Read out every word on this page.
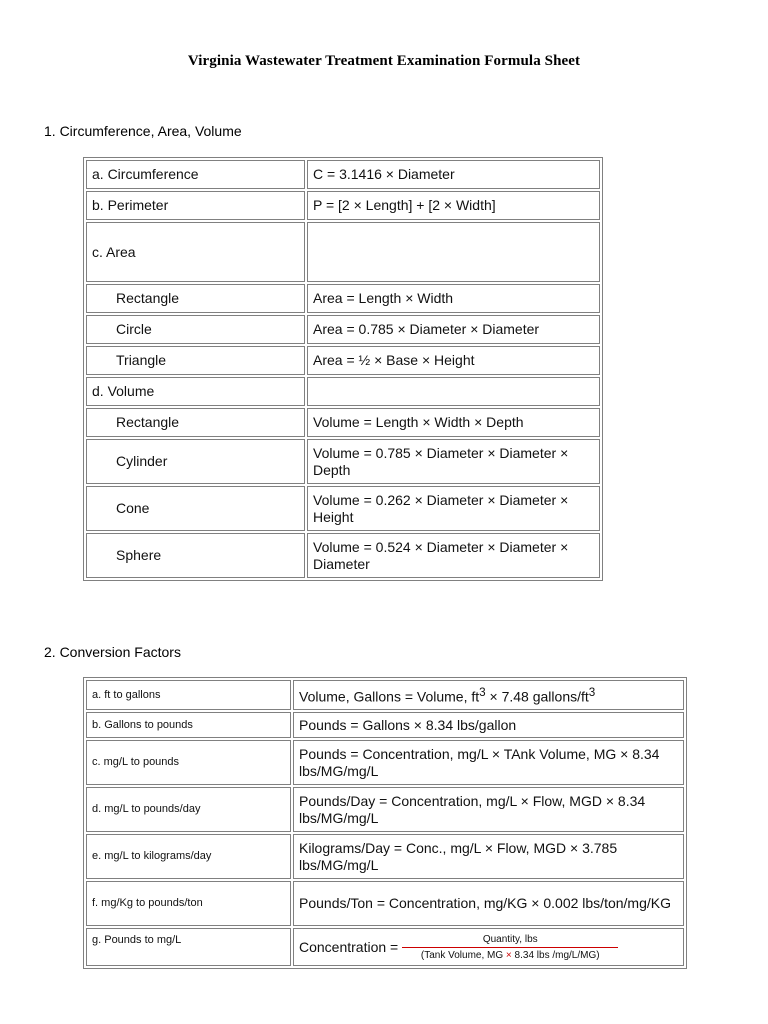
Virginia Wastewater Treatment Examination Formula Sheet
1. Circumference, Area, Volume
a. Circumference	C = 3.1416 × Diameter
b. Perimeter	P = [2 × Length] + [2 × Width]
c. Area	
Rectangle	Area = Length × Width
Circle	Area = 0.785 × Diameter × Diameter
Triangle	Area = ½ × Base × Height
d. Volume	
Rectangle	Volume = Length × Width × Depth
Cylinder	Volume = 0.785 × Diameter × Diameter × Depth
Cone	Volume = 0.262 × Diameter × Diameter × Height
Sphere	Volume = 0.524 × Diameter × Diameter × Diameter
2. Conversion Factors
a. ft to gallons	Volume, Gallons = Volume, $ft^3 \times 7.48$ gallons/$ft^3$
b. Gallons to pounds	Pounds = Gallons × 8.34 lbs/gallon
c. mg/L to pounds	Pounds = Concentration, mg/L × TAnk Volume, MG × 8.34 lbs/MG/mg/L
d. mg/L to pounds/day	Pounds/Day = Concentration, mg/L × Flow, MGD × 8.34 lbs/MG/mg/L
e. mg/L to kilograms/day	Kilograms/Day = Conc., mg/L × Flow, MGD × 3.785 lbs/MG/mg/L
f. mg/Kg to pounds/ton	Pounds/Ton = Concentration, mg/KG × 0.002 lbs/ton/mg/KG
g. Pounds to mg/L	Concentration = $\frac{\text{Quantity, lbs}}{\text{(Tank Volume, MG × 8.34 lbs /mg/L/MG)}}$
